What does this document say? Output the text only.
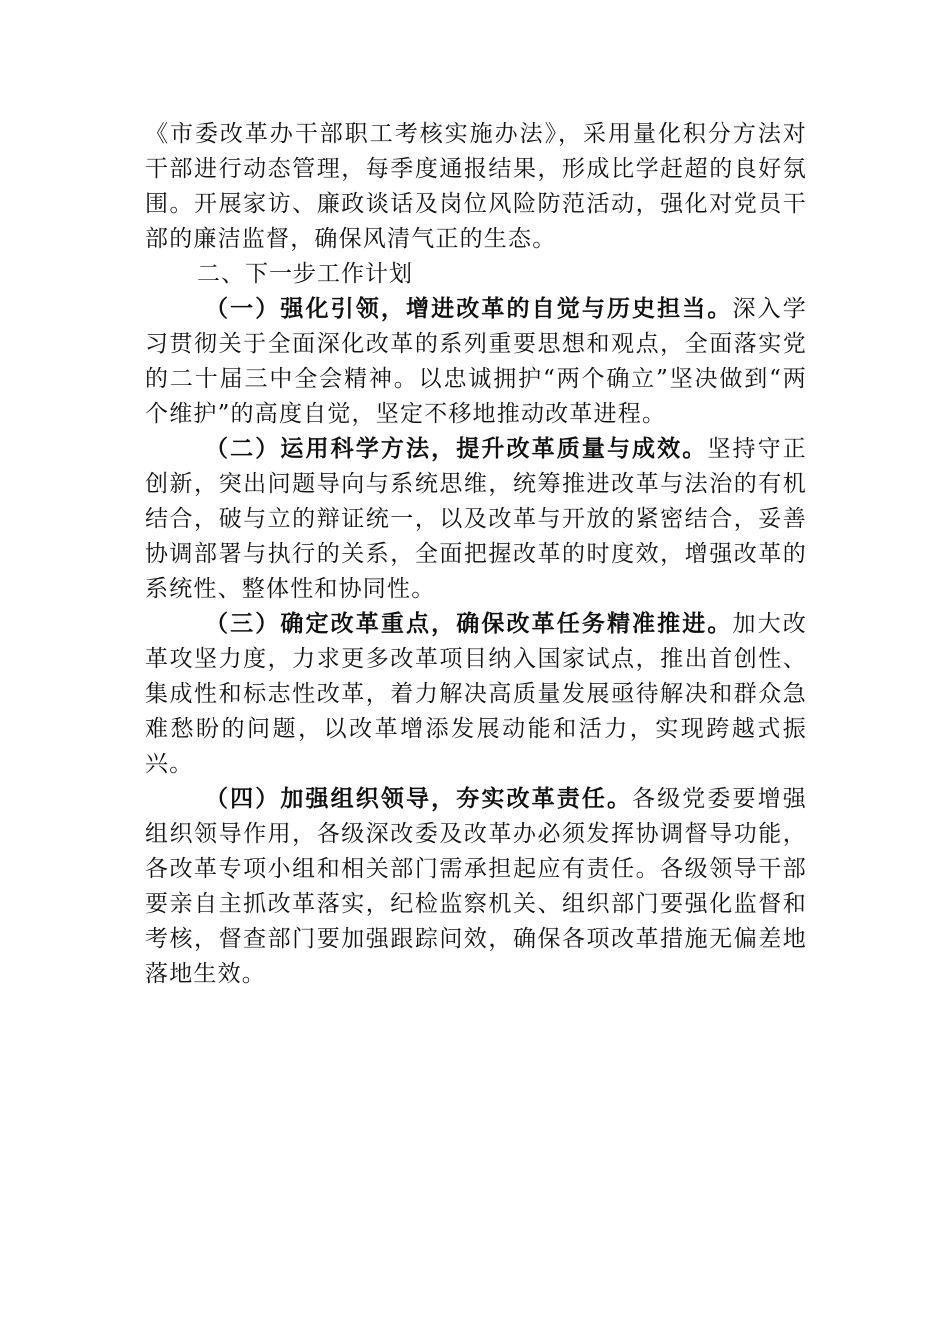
《市委改革办干部职工考核实施办法》，采用量化积分方法对干部进行动态管理，每季度通报结果，形成比学赶超的良好氛围。开展家访、廉政谈话及岗位风险防范活动，强化对党员干部的廉洁监督，确保风清气正的生态。

二、下一步工作计划

（一）强化引领，增进改革的自觉与历史担当。深入学习贯彻关于全面深化改革的系列重要思想和观点，全面落实党的二十届三中全会精神。以忠诚拥护“两个确立”坚决做到“两个维护”的高度自觉，坚定不移地推动改革进程。

（二）运用科学方法，提升改革质量与成效。坚持守正创新，突出问题导向与系统思维，统筹推进改革与法治的有机结合，破与立的辩证统一，以及改革与开放的紧密结合，妥善协调部署与执行的关系，全面把握改革的时度效，增强改革的系统性、整体性和协同性。

（三）确定改革重点，确保改革任务精准推进。加大改革攻坚力度，力求更多改革项目纳入国家试点，推出首创性、集成性和标志性改革，着力解决高质量发展亟待解决和群众急难愁盼的问题，以改革增添发展动能和活力，实现跨越式振兴。

（四）加强组织领导，夯实改革责任。各级党委要增强组织领导作用，各级深改委及改革办必须发挥协调督导功能，各改革专项小组和相关部门需承担起应有责任。各级领导干部要亲自主抓改革落实，纪检监察机关、组织部门要强化监督和考核，督查部门要加强跟踪问效，确保各项改革措施无偏差地落地生效。
